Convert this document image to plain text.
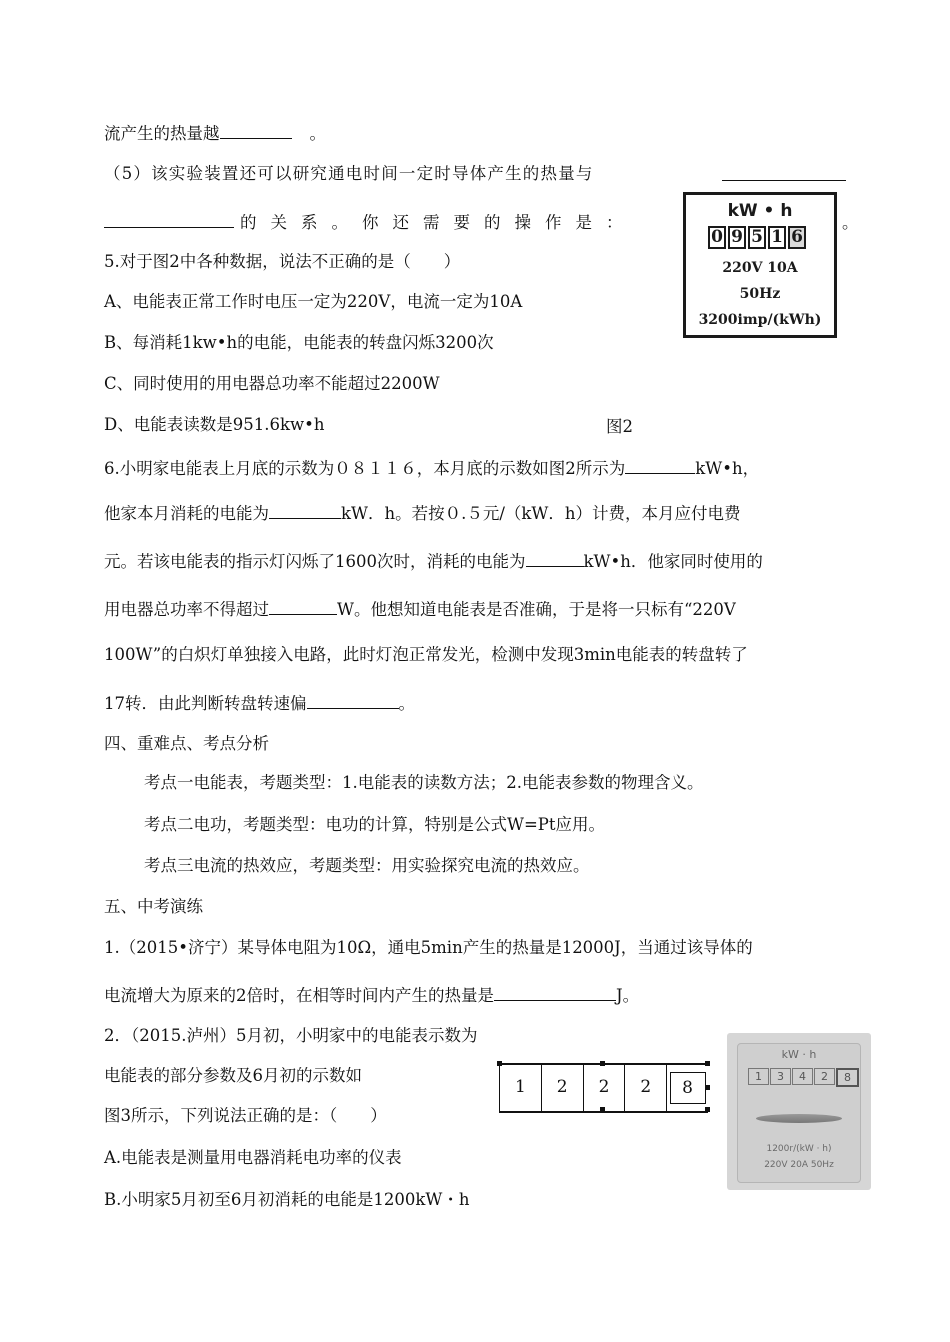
流产生的热量越	。
（5）该实验装置还可以研究通电时间一定时导体产生的热量与
的关系。你还需要的操作是：	。
5.对于图2中各种数据，说法不正确的是（　　）
A、电能表正常工作时电压一定为220V，电流一定为10A
B、每消耗1kw•h的电能，电能表的转盘闪烁3200次
C、同时使用的用电器总功率不能超过2200W
D、电能表读数是951.6kw•h	图2
6.小明家电能表上月底的示数为０８１１６，本月底的示数如图2所示为	kW•h，
他家本月消耗的电能为	kW．h。若按０.５元/（kW．h）计费，本月应付电费
元。若该电能表的指示灯闪烁了1600次时，消耗的电能为	kW•h．他家同时使用的
用电器总功率不得超过	W。他想知道电能表是否准确，于是将一只标有“220V
100W”的白炽灯单独接入电路，此时灯泡正常发光，检测中发现3min电能表的转盘转了
17转．由此判断转盘转速偏	。
四、重难点、考点分析
考点一电能表，考题类型：1.电能表的读数方法；2.电能表参数的物理含义。
考点二电功，考题类型：电功的计算，特别是公式W=Pt应用。
考点三电流的热效应，考题类型：用实验探究电流的热效应。
五、中考演练
1.（2015•济宁）某导体电阻为10Ω，通电5min产生的热量是12000J，当通过该导体的
电流增大为原来的2倍时，在相等时间内产生的热量是	J。
2．（2015.泸州）5月初，小明家中的电能表示数为
电能表的部分参数及6月初的示数如
图3所示，下列说法正确的是：（　　）
A.电能表是测量用电器消耗电功率的仪表
B.小明家5月初至6月初消耗的电能是1200kW・h
kW • h
0 9 5 1 6
220V 10A
50Hz
3200imp/(kWh)
1	2	2	2	8
kW · h
1	3	4	2	8
1200r/(kW · h)
220V 20A 50Hz
